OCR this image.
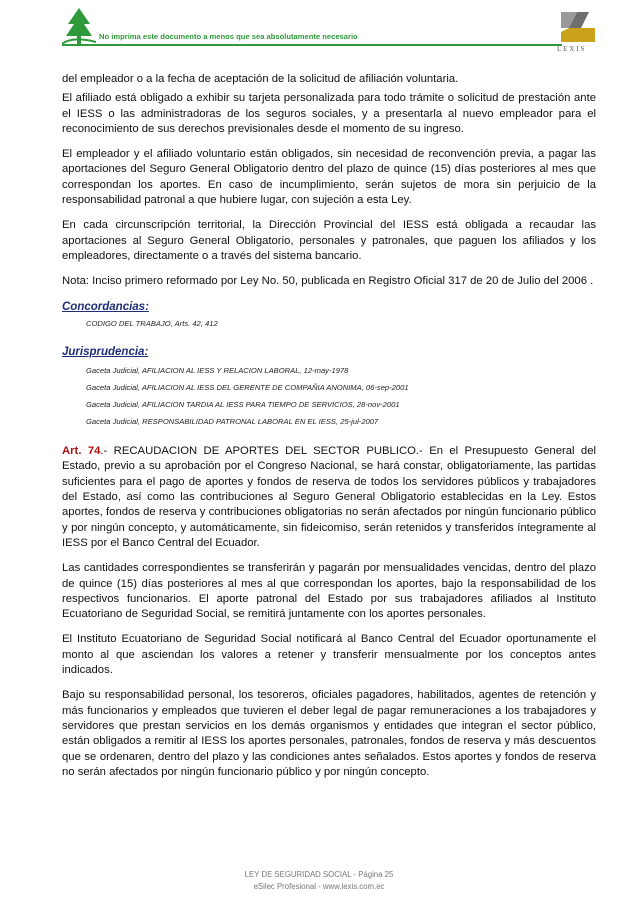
No imprima este documento a menos que sea absolutamente necesario
LEXIS

del empleador o a la fecha de aceptación de la solicitud de afiliación voluntaria.

El afiliado está obligado a exhibir su tarjeta personalizada para todo trámite o solicitud de prestación ante el IESS o las administradoras de los seguros sociales, y a presentarla al nuevo empleador para el reconocimiento de sus derechos previsionales desde el momento de su ingreso.

El empleador y el afiliado voluntario están obligados, sin necesidad de reconvención previa, a pagar las aportaciones del Seguro General Obligatorio dentro del plazo de quince (15) días posteriores al mes que correspondan los aportes. En caso de incumplimiento, serán sujetos de mora sin perjuicio de la responsabilidad patronal a que hubiere lugar, con sujeción a esta Ley.

En cada circunscripción territorial, la Dirección Provincial del IESS está obligada a recaudar las aportaciones al Seguro General Obligatorio, personales y patronales, que paguen los afiliados y los empleadores, directamente o a través del sistema bancario.

Nota: Inciso primero reformado por Ley No. 50, publicada en Registro Oficial 317 de 20 de Julio del 2006 .

Concordancias:
CODIGO DEL TRABAJO, Arts. 42, 412
Jurisprudencia:
Gaceta Judicial, AFILIACION AL IESS Y RELACION LABORAL, 12-may-1978
Gaceta Judicial, AFILIACION AL IESS DEL GERENTE DE COMPAÑIA ANONIMA, 06-sep-2001
Gaceta Judicial, AFILIACION TARDIA AL IESS PARA TIEMPO DE SERVICIOS, 28-nov-2001
Gaceta Judicial, RESPONSABILIDAD PATRONAL LABORAL EN EL IESS, 25-jul-2007

Art. 74.- RECAUDACION DE APORTES DEL SECTOR PUBLICO.- En el Presupuesto General del Estado, previo a su aprobación por el Congreso Nacional, se hará constar, obligatoriamente, las partidas suficientes para el pago de aportes y fondos de reserva de todos los servidores públicos y trabajadores del Estado, así como las contribuciones al Seguro General Obligatorio establecidas en la Ley. Estos aportes, fondos de reserva y contribuciones obligatorias no serán afectados por ningún funcionario público y por ningún concepto, y automáticamente, sin fideicomiso, serán retenidos y transferidos íntegramente al IESS por el Banco Central del Ecuador.

Las cantidades correspondientes se transferirán y pagarán por mensualidades vencidas, dentro del plazo de quince (15) días posteriores al mes al que correspondan los aportes, bajo la responsabilidad de los respectivos funcionarios. El aporte patronal del Estado por sus trabajadores afiliados al Instituto Ecuatoriano de Seguridad Social, se remitirá juntamente con los aportes personales.

El Instituto Ecuatoriano de Seguridad Social notificará al Banco Central del Ecuador oportunamente el monto al que asciendan los valores a retener y transferir mensualmente por los conceptos antes indicados.

Bajo su responsabilidad personal, los tesoreros, oficiales pagadores, habilitados, agentes de retención y más funcionarios y empleados que tuvieren el deber legal de pagar remuneraciones a los trabajadores y servidores que prestan servicios en los demás organismos y entidades que integran el sector público, están obligados a remitir al IESS los aportes personales, patronales, fondos de reserva y más descuentos que se ordenaren, dentro del plazo y las condiciones antes señalados. Estos aportes y fondos de reserva no serán afectados por ningún funcionario público y por ningún concepto.

LEY DE SEGURIDAD SOCIAL - Página 25
eSilec Profesional - www.lexis.com.ec
